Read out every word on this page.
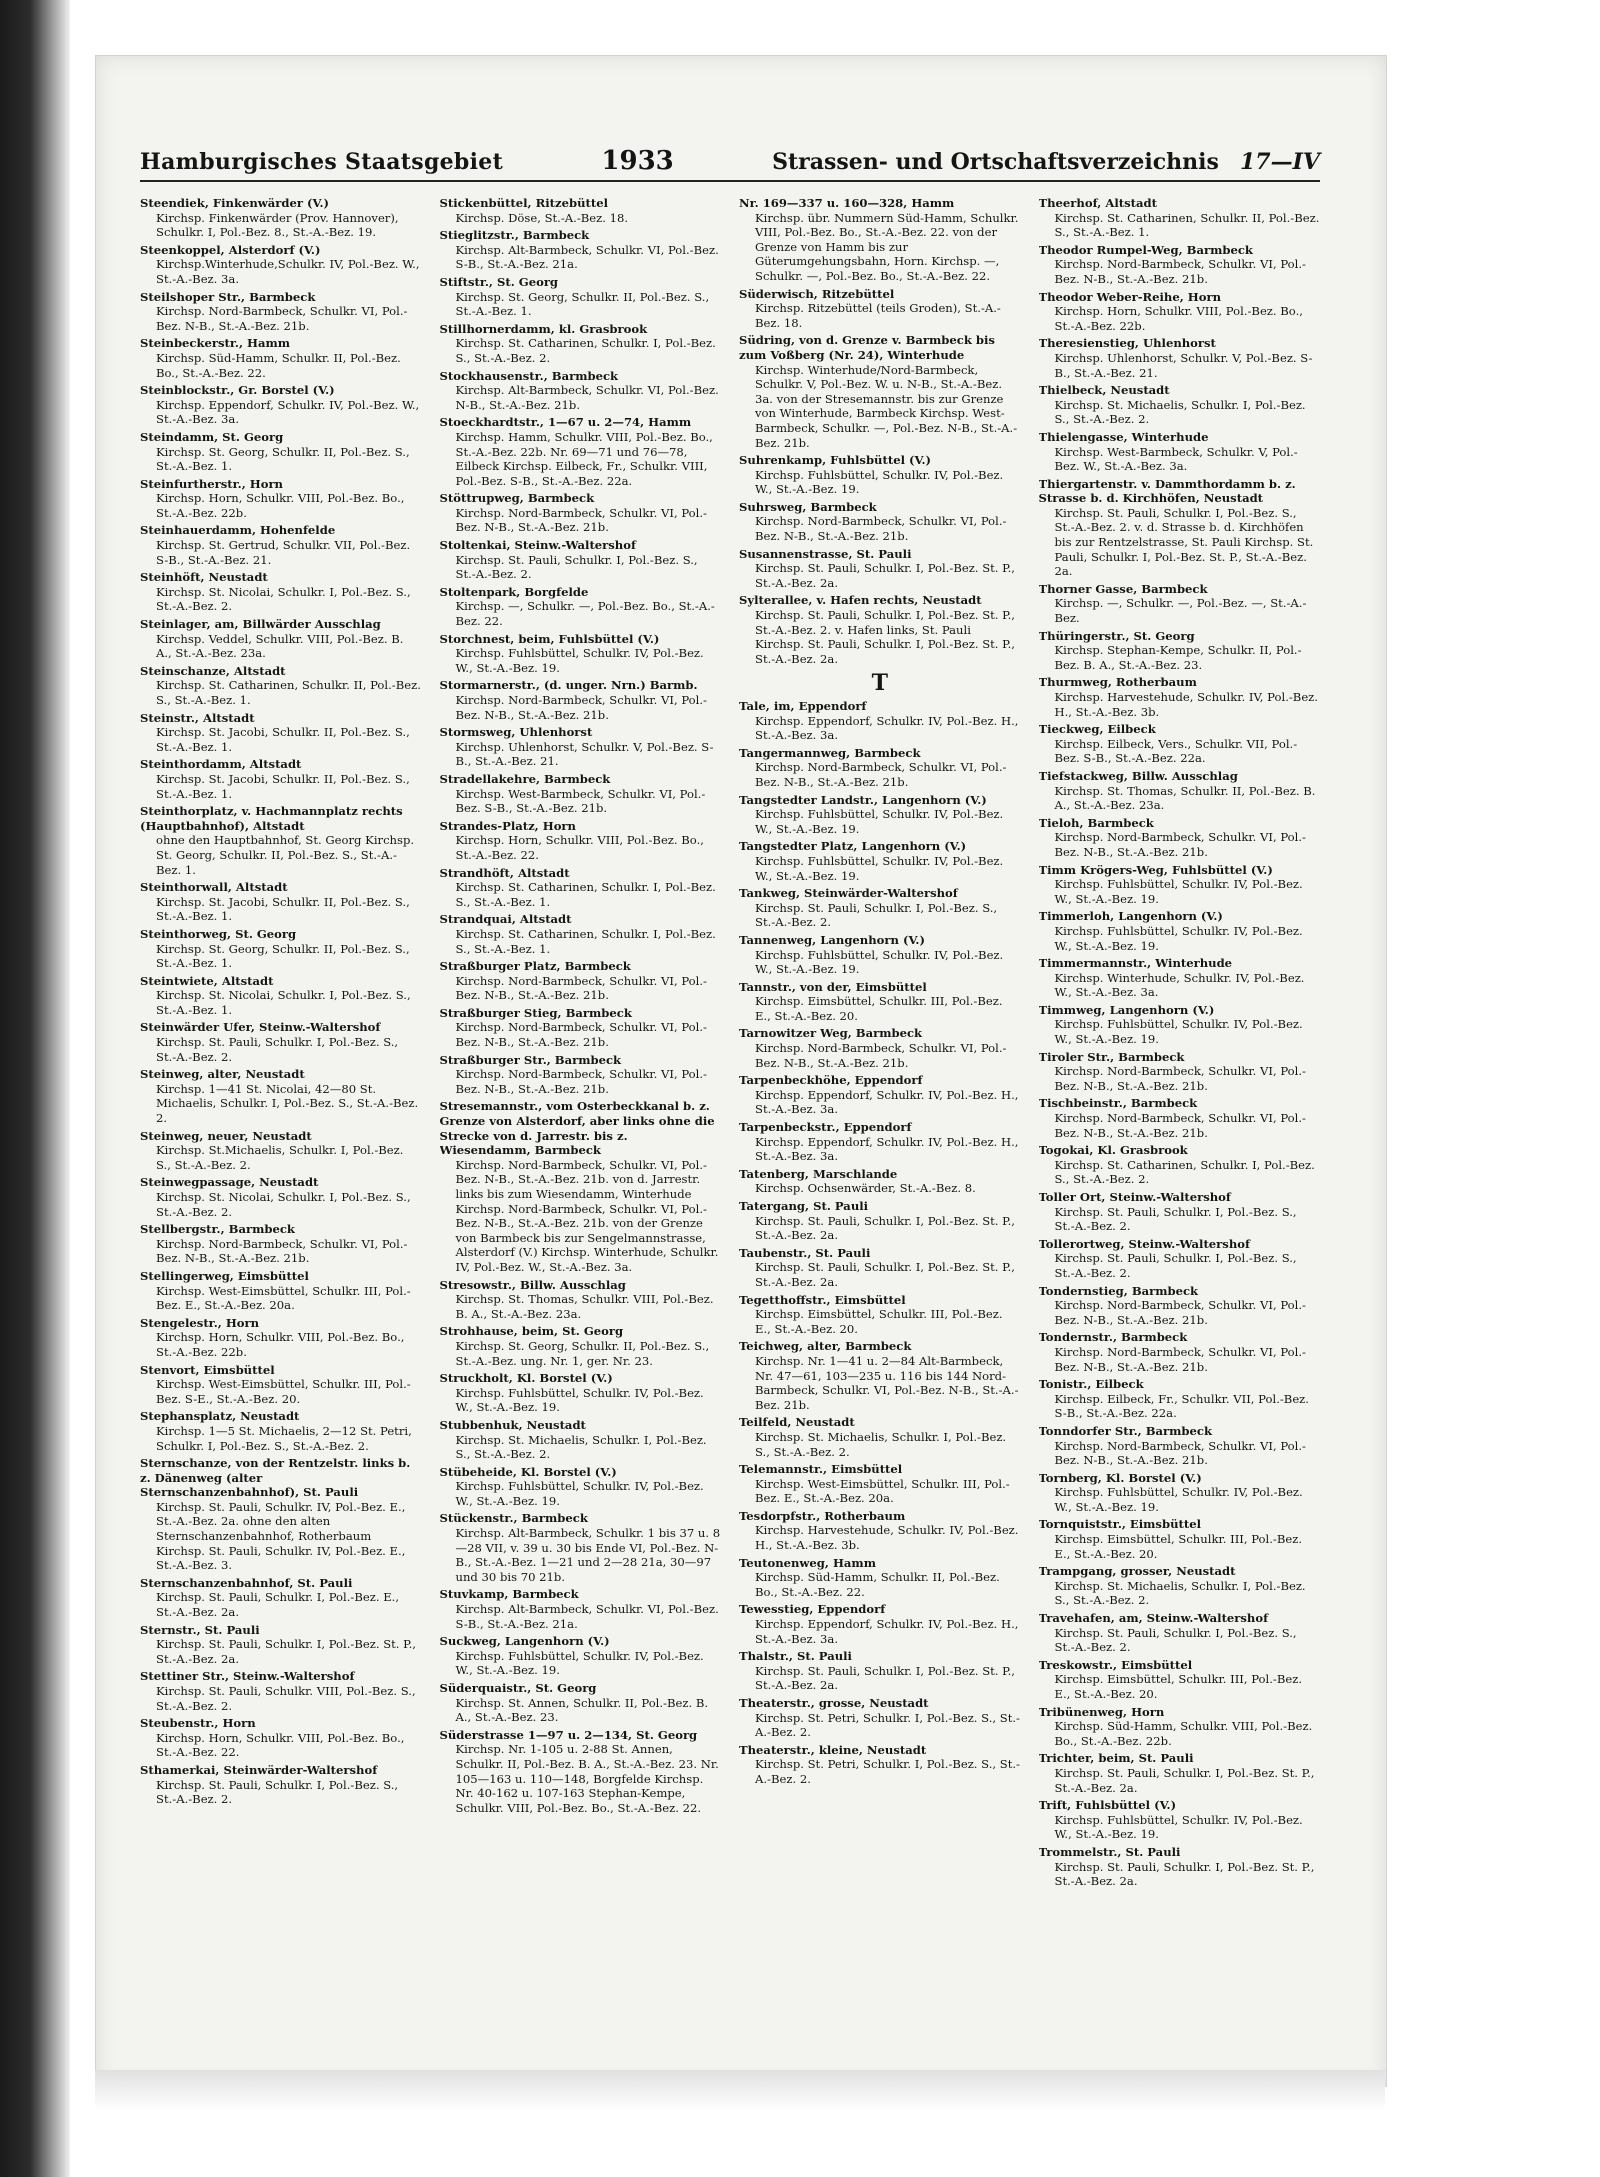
Hamburgisches Staatsgebiet	1933	Strassen- und Ortschaftsverzeichnis 17—IV
Steendiek, Finkenwärder (V.)
Kirchsp. Finkenwärder (Prov. Hannover), Schulkr. I, Pol.-Bez. 8., St.-A.-Bez. 19.
Steenkoppel, Alsterdorf (V.)
Kirchsp.Winterhude,Schulkr. IV, Pol.-Bez. W., St.-A.-Bez. 3a.
Steilshoper Str., Barmbeck
Kirchsp. Nord-Barmbeck, Schulkr. VI, Pol.-Bez. N-B., St.-A.-Bez. 21b.
Steinbeckerstr., Hamm
Kirchsp. Süd-Hamm, Schulkr. II, Pol.-Bez. Bo., St.-A.-Bez. 22.
Steinblockstr., Gr. Borstel (V.)
Kirchsp. Eppendorf, Schulkr. IV, Pol.-Bez. W., St.-A.-Bez. 3a.
Steindamm, St. Georg
Kirchsp. St. Georg, Schulkr. II, Pol.-Bez. S., St.-A.-Bez. 1.
Steinfurtherstr., Horn
Kirchsp. Horn, Schulkr. VIII, Pol.-Bez. Bo., St.-A.-Bez. 22b.
Steinhauerdamm, Hohenfelde
Kirchsp. St. Gertrud, Schulkr. VII, Pol.-Bez. S-B., St.-A.-Bez. 21.
Steinhöft, Neustadt
Kirchsp. St. Nicolai, Schulkr. I, Pol.-Bez. S., St.-A.-Bez. 2.
Steinlager, am, Billwärder Ausschlag
Kirchsp. Veddel, Schulkr. VIII, Pol.-Bez. B. A., St.-A.-Bez. 23a.
Steinschanze, Altstadt
Kirchsp. St. Catharinen, Schulkr. II, Pol.-Bez. S., St.-A.-Bez. 1.
Steinstr., Altstadt
Kirchsp. St. Jacobi, Schulkr. II, Pol.-Bez. S., St.-A.-Bez. 1.
Steinthordamm, Altstadt
Kirchsp. St. Jacobi, Schulkr. II, Pol.-Bez. S., St.-A.-Bez. 1.
Steinthorplatz, v. Hachmannplatz rechts (Hauptbahnhof), Altstadt
ohne den Hauptbahnhof, St. Georg Kirchsp. St. Georg, Schulkr. II, Pol.-Bez. S., St.-A.-Bez. 1.
Steinthorwall, Altstadt
Kirchsp. St. Jacobi, Schulkr. II, Pol.-Bez. S., St.-A.-Bez. 1.
Steinthorweg, St. Georg
Kirchsp. St. Georg, Schulkr. II, Pol.-Bez. S., St.-A.-Bez. 1.
Steintwiete, Altstadt
Kirchsp. St. Nicolai, Schulkr. I, Pol.-Bez. S., St.-A.-Bez. 1.
Steinwärder Ufer, Steinw.-Waltershof
Kirchsp. St. Pauli, Schulkr. I, Pol.-Bez. S., St.-A.-Bez. 2.
Steinweg, alter, Neustadt
Kirchsp. 1—41 St. Nicolai, 42—80 St. Michaelis, Schulkr. I, Pol.-Bez. S., St.-A.-Bez. 2.
Steinweg, neuer, Neustadt
Kirchsp. St.Michaelis, Schulkr. I, Pol.-Bez. S., St.-A.-Bez. 2.
Steinwegpassage, Neustadt
Kirchsp. St. Nicolai, Schulkr. I, Pol.-Bez. S., St.-A.-Bez. 2.
Stellbergstr., Barmbeck
Kirchsp. Nord-Barmbeck, Schulkr. VI, Pol.-Bez. N-B., St.-A.-Bez. 21b.
Stellingerweg, Eimsbüttel
Kirchsp. West-Eimsbüttel, Schulkr. III, Pol.-Bez. E., St.-A.-Bez. 20a.
Stengelestr., Horn
Kirchsp. Horn, Schulkr. VIII, Pol.-Bez. Bo., St.-A.-Bez. 22b.
Stenvort, Eimsbüttel
Kirchsp. West-Eimsbüttel, Schulkr. III, Pol.-Bez. S-E., St.-A.-Bez. 20.
Stephansplatz, Neustadt
Kirchsp. 1—5 St. Michaelis, 2—12 St. Petri, Schulkr. I, Pol.-Bez. S., St.-A.-Bez. 2.
Sternschanze, von der Rentzelstr. links b. z. Dänenweg (alter Sternschanzenbahnhof), St. Pauli
Kirchsp. St. Pauli, Schulkr. IV, Pol.-Bez. E., St.-A.-Bez. 2a. ohne den alten Sternschanzenbahnhof, Rotherbaum Kirchsp. St. Pauli, Schulkr. IV, Pol.-Bez. E., St.-A.-Bez. 3.
Sternschanzenbahnhof, St. Pauli
Kirchsp. St. Pauli, Schulkr. I, Pol.-Bez. E., St.-A.-Bez. 2a.
Sternstr., St. Pauli
Kirchsp. St. Pauli, Schulkr. I, Pol.-Bez. St. P., St.-A.-Bez. 2a.
Stettiner Str., Steinw.-Waltershof
Kirchsp. St. Pauli, Schulkr. VIII, Pol.-Bez. S., St.-A.-Bez. 2.
Steubenstr., Horn
Kirchsp. Horn, Schulkr. VIII, Pol.-Bez. Bo., St.-A.-Bez. 22.
Sthamerkai, Steinwärder-Waltershof
Kirchsp. St. Pauli, Schulkr. I, Pol.-Bez. S., St.-A.-Bez. 2.
Stickenbüttel, Ritzebüttel
Kirchsp. Döse, St.-A.-Bez. 18.
Stieglitzstr., Barmbeck
Kirchsp. Alt-Barmbeck, Schulkr. VI, Pol.-Bez. S-B., St.-A.-Bez. 21a.
Stiftstr., St. Georg
Kirchsp. St. Georg, Schulkr. II, Pol.-Bez. S., St.-A.-Bez. 1.
Stillhornerdamm, kl. Grasbrook
Kirchsp. St. Catharinen, Schulkr. I, Pol.-Bez. S., St.-A.-Bez. 2.
Stockhausenstr., Barmbeck
Kirchsp. Alt-Barmbeck, Schulkr. VI, Pol.-Bez. N-B., St.-A.-Bez. 21b.
Stoeckhardtstr., 1—67 u. 2—74, Hamm
Kirchsp. Hamm, Schulkr. VIII, Pol.-Bez. Bo., St.-A.-Bez. 22b. Nr. 69—71 und 76—78, Eilbeck Kirchsp. Eilbeck, Fr., Schulkr. VIII, Pol.-Bez. S-B., St.-A.-Bez. 22a.
Stöttrupweg, Barmbeck
Kirchsp. Nord-Barmbeck, Schulkr. VI, Pol.-Bez. N-B., St.-A.-Bez. 21b.
Stoltenkai, Steinw.-Waltershof
Kirchsp. St. Pauli, Schulkr. I, Pol.-Bez. S., St.-A.-Bez. 2.
Stoltenpark, Borgfelde
Kirchsp. —, Schulkr. —, Pol.-Bez. Bo., St.-A.-Bez. 22.
Storchnest, beim, Fuhlsbüttel (V.)
Kirchsp. Fuhlsbüttel, Schulkr. IV, Pol.-Bez. W., St.-A.-Bez. 19.
Stormarnerstr., (d. unger. Nrn.) Barmb.
Kirchsp. Nord-Barmbeck, Schulkr. VI, Pol.-Bez. N-B., St.-A.-Bez. 21b.
Stormsweg, Uhlenhorst
Kirchsp. Uhlenhorst, Schulkr. V, Pol.-Bez. S-B., St.-A.-Bez. 21.
Stradellakehre, Barmbeck
Kirchsp. West-Barmbeck, Schulkr. VI, Pol.-Bez. S-B., St.-A.-Bez. 21b.
Strandes-Platz, Horn
Kirchsp. Horn, Schulkr. VIII, Pol.-Bez. Bo., St.-A.-Bez. 22.
Strandhöft, Altstadt
Kirchsp. St. Catharinen, Schulkr. I, Pol.-Bez. S., St.-A.-Bez. 1.
Strandquai, Altstadt
Kirchsp. St. Catharinen, Schulkr. I, Pol.-Bez. S., St.-A.-Bez. 1.
Straßburger Platz, Barmbeck
Kirchsp. Nord-Barmbeck, Schulkr. VI, Pol.-Bez. N-B., St.-A.-Bez. 21b.
Straßburger Stieg, Barmbeck
Kirchsp. Nord-Barmbeck, Schulkr. VI, Pol.-Bez. N-B., St.-A.-Bez. 21b.
Straßburger Str., Barmbeck
Kirchsp. Nord-Barmbeck, Schulkr. VI, Pol.-Bez. N-B., St.-A.-Bez. 21b.
Stresemannstr., vom Osterbeckkanal b. z. Grenze von Alsterdorf, aber links ohne die Strecke von d. Jarrestr. bis z. Wiesendamm, Barmbeck
Kirchsp. Nord-Barmbeck, Schulkr. VI, Pol.-Bez. N-B., St.-A.-Bez. 21b. von d. Jarrestr. links bis zum Wiesendamm, Winterhude Kirchsp. Nord-Barmbeck, Schulkr. VI, Pol.-Bez. N-B., St.-A.-Bez. 21b. von der Grenze von Barmbeck bis zur Sengelmannstrasse, Alsterdorf (V.) Kirchsp. Winterhude, Schulkr. IV, Pol.-Bez. W., St.-A.-Bez. 3a.
Stresowstr., Billw. Ausschlag
Kirchsp. St. Thomas, Schulkr. VIII, Pol.-Bez. B. A., St.-A.-Bez. 23a.
Strohhause, beim, St. Georg
Kirchsp. St. Georg, Schulkr. II, Pol.-Bez. S., St.-A.-Bez. ung. Nr. 1, ger. Nr. 23.
Struckholt, Kl. Borstel (V.)
Kirchsp. Fuhlsbüttel, Schulkr. IV, Pol.-Bez. W., St.-A.-Bez. 19.
Stubbenhuk, Neustadt
Kirchsp. St. Michaelis, Schulkr. I, Pol.-Bez. S., St.-A.-Bez. 2.
Stübeheide, Kl. Borstel (V.)
Kirchsp. Fuhlsbüttel, Schulkr. IV, Pol.-Bez. W., St.-A.-Bez. 19.
Stückenstr., Barmbeck
Kirchsp. Alt-Barmbeck, Schulkr. 1 bis 37 u. 8—28 VII, v. 39 u. 30 bis Ende VI, Pol.-Bez. N-B., St.-A.-Bez. 1—21 und 2—28 21a, 30—97 und 30 bis 70 21b.
Stuvkamp, Barmbeck
Kirchsp. Alt-Barmbeck, Schulkr. VI, Pol.-Bez. S-B., St.-A.-Bez. 21a.
Suckweg, Langenhorn (V.)
Kirchsp. Fuhlsbüttel, Schulkr. IV, Pol.-Bez. W., St.-A.-Bez. 19.
Süderquaistr., St. Georg
Kirchsp. St. Annen, Schulkr. II, Pol.-Bez. B. A., St.-A.-Bez. 23.
Süderstrasse 1—97 u. 2—134, St. Georg
Kirchsp. Nr. 1-105 u. 2-88 St. Annen, Schulkr. II, Pol.-Bez. B. A., St.-A.-Bez. 23. Nr. 105—163 u. 110—148, Borgfelde Kirchsp. Nr. 40-162 u. 107-163 Stephan-Kempe, Schulkr. VIII, Pol.-Bez. Bo., St.-A.-Bez. 22.
Nr. 169—337 u. 160—328, Hamm
Kirchsp. übr. Nummern Süd-Hamm, Schulkr. VIII, Pol.-Bez. Bo., St.-A.-Bez. 22. von der Grenze von Hamm bis zur Güterumgehungsbahn, Horn. Kirchsp. —, Schulkr. —, Pol.-Bez. Bo., St.-A.-Bez. 22.
Süderwisch, Ritzebüttel
Kirchsp. Ritzebüttel (teils Groden), St.-A.-Bez. 18.
Südring, von d. Grenze v. Barmbeck bis zum Voßberg (Nr. 24), Winterhude
Kirchsp. Winterhude/Nord-Barmbeck, Schulkr. V, Pol.-Bez. W. u. N-B., St.-A.-Bez. 3a. von der Stresemannstr. bis zur Grenze von Winterhude, Barmbeck Kirchsp. West-Barmbeck, Schulkr. —, Pol.-Bez. N-B., St.-A.-Bez. 21b.
Suhrenkamp, Fuhlsbüttel (V.)
Kirchsp. Fuhlsbüttel, Schulkr. IV, Pol.-Bez. W., St.-A.-Bez. 19.
Suhrsweg, Barmbeck
Kirchsp. Nord-Barmbeck, Schulkr. VI, Pol.-Bez. N-B., St.-A.-Bez. 21b.
Susannenstrasse, St. Pauli
Kirchsp. St. Pauli, Schulkr. I, Pol.-Bez. St. P., St.-A.-Bez. 2a.
Sylterallee, v. Hafen rechts, Neustadt
Kirchsp. St. Pauli, Schulkr. I, Pol.-Bez. St. P., St.-A.-Bez. 2. v. Hafen links, St. Pauli Kirchsp. St. Pauli, Schulkr. I, Pol.-Bez. St. P., St.-A.-Bez. 2a.
T
Tale, im, Eppendorf
Kirchsp. Eppendorf, Schulkr. IV, Pol.-Bez. H., St.-A.-Bez. 3a.
Tangermannweg, Barmbeck
Kirchsp. Nord-Barmbeck, Schulkr. VI, Pol.-Bez. N-B., St.-A.-Bez. 21b.
Tangstedter Landstr., Langenhorn (V.)
Kirchsp. Fuhlsbüttel, Schulkr. IV, Pol.-Bez. W., St.-A.-Bez. 19.
Tangstedter Platz, Langenhorn (V.)
Kirchsp. Fuhlsbüttel, Schulkr. IV, Pol.-Bez. W., St.-A.-Bez. 19.
Tankweg, Steinwärder-Waltershof
Kirchsp. St. Pauli, Schulkr. I, Pol.-Bez. S., St.-A.-Bez. 2.
Tannenweg, Langenhorn (V.)
Kirchsp. Fuhlsbüttel, Schulkr. IV, Pol.-Bez. W., St.-A.-Bez. 19.
Tannstr., von der, Eimsbüttel
Kirchsp. Eimsbüttel, Schulkr. III, Pol.-Bez. E., St.-A.-Bez. 20.
Tarnowitzer Weg, Barmbeck
Kirchsp. Nord-Barmbeck, Schulkr. VI, Pol.-Bez. N-B., St.-A.-Bez. 21b.
Tarpenbeckhöhe, Eppendorf
Kirchsp. Eppendorf, Schulkr. IV, Pol.-Bez. H., St.-A.-Bez. 3a.
Tarpenbeckstr., Eppendorf
Kirchsp. Eppendorf, Schulkr. IV, Pol.-Bez. H., St.-A.-Bez. 3a.
Tatenberg, Marschlande
Kirchsp. Ochsenwärder, St.-A.-Bez. 8.
Tatergang, St. Pauli
Kirchsp. St. Pauli, Schulkr. I, Pol.-Bez. St. P., St.-A.-Bez. 2a.
Taubenstr., St. Pauli
Kirchsp. St. Pauli, Schulkr. I, Pol.-Bez. St. P., St.-A.-Bez. 2a.
Tegetthoffstr., Eimsbüttel
Kirchsp. Eimsbüttel, Schulkr. III, Pol.-Bez. E., St.-A.-Bez. 20.
Teichweg, alter, Barmbeck
Kirchsp. Nr. 1—41 u. 2—84 Alt-Barmbeck, Nr. 47—61, 103—235 u. 116 bis 144 Nord-Barmbeck, Schulkr. VI, Pol.-Bez. N-B., St.-A.-Bez. 21b.
Teilfeld, Neustadt
Kirchsp. St. Michaelis, Schulkr. I, Pol.-Bez. S., St.-A.-Bez. 2.
Telemannstr., Eimsbüttel
Kirchsp. West-Eimsbüttel, Schulkr. III, Pol.-Bez. E., St.-A.-Bez. 20a.
Tesdorpfstr., Rotherbaum
Kirchsp. Harvestehude, Schulkr. IV, Pol.-Bez. H., St.-A.-Bez. 3b.
Teutonenweg, Hamm
Kirchsp. Süd-Hamm, Schulkr. II, Pol.-Bez. Bo., St.-A.-Bez. 22.
Tewesstieg, Eppendorf
Kirchsp. Eppendorf, Schulkr. IV, Pol.-Bez. H., St.-A.-Bez. 3a.
Thalstr., St. Pauli
Kirchsp. St. Pauli, Schulkr. I, Pol.-Bez. St. P., St.-A.-Bez. 2a.
Theaterstr., grosse, Neustadt
Kirchsp. St. Petri, Schulkr. I, Pol.-Bez. S., St.-A.-Bez. 2.
Theaterstr., kleine, Neustadt
Kirchsp. St. Petri, Schulkr. I, Pol.-Bez. S., St.-A.-Bez. 2.
Theerhof, Altstadt
Kirchsp. St. Catharinen, Schulkr. II, Pol.-Bez. S., St.-A.-Bez. 1.
Theodor Rumpel-Weg, Barmbeck
Kirchsp. Nord-Barmbeck, Schulkr. VI, Pol.-Bez. N-B., St.-A.-Bez. 21b.
Theodor Weber-Reihe, Horn
Kirchsp. Horn, Schulkr. VIII, Pol.-Bez. Bo., St.-A.-Bez. 22b.
Theresienstieg, Uhlenhorst
Kirchsp. Uhlenhorst, Schulkr. V, Pol.-Bez. S-B., St.-A.-Bez. 21.
Thielbeck, Neustadt
Kirchsp. St. Michaelis, Schulkr. I, Pol.-Bez. S., St.-A.-Bez. 2.
Thielengasse, Winterhude
Kirchsp. West-Barmbeck, Schulkr. V, Pol.-Bez. W., St.-A.-Bez. 3a.
Thiergartenstr. v. Dammthordamm b. z. Strasse b. d. Kirchhöfen, Neustadt
Kirchsp. St. Pauli, Schulkr. I, Pol.-Bez. S., St.-A.-Bez. 2. v. d. Strasse b. d. Kirchhöfen bis zur Rentzelstrasse, St. Pauli Kirchsp. St. Pauli, Schulkr. I, Pol.-Bez. St. P., St.-A.-Bez. 2a.
Thorner Gasse, Barmbeck
Kirchsp. —, Schulkr. —, Pol.-Bez. —, St.-A.-Bez.
Thüringerstr., St. Georg
Kirchsp. Stephan-Kempe, Schulkr. II, Pol.-Bez. B. A., St.-A.-Bez. 23.
Thurmweg, Rotherbaum
Kirchsp. Harvestehude, Schulkr. IV, Pol.-Bez. H., St.-A.-Bez. 3b.
Tieckweg, Eilbeck
Kirchsp. Eilbeck, Vers., Schulkr. VII, Pol.-Bez. S-B., St.-A.-Bez. 22a.
Tiefstackweg, Billw. Ausschlag
Kirchsp. St. Thomas, Schulkr. II, Pol.-Bez. B. A., St.-A.-Bez. 23a.
Tieloh, Barmbeck
Kirchsp. Nord-Barmbeck, Schulkr. VI, Pol.-Bez. N-B., St.-A.-Bez. 21b.
Timm Krögers-Weg, Fuhlsbüttel (V.)
Kirchsp. Fuhlsbüttel, Schulkr. IV, Pol.-Bez. W., St.-A.-Bez. 19.
Timmerloh, Langenhorn (V.)
Kirchsp. Fuhlsbüttel, Schulkr. IV, Pol.-Bez. W., St.-A.-Bez. 19.
Timmermannstr., Winterhude
Kirchsp. Winterhude, Schulkr. IV, Pol.-Bez. W., St.-A.-Bez. 3a.
Timmweg, Langenhorn (V.)
Kirchsp. Fuhlsbüttel, Schulkr. IV, Pol.-Bez. W., St.-A.-Bez. 19.
Tiroler Str., Barmbeck
Kirchsp. Nord-Barmbeck, Schulkr. VI, Pol.-Bez. N-B., St.-A.-Bez. 21b.
Tischbeinstr., Barmbeck
Kirchsp. Nord-Barmbeck, Schulkr. VI, Pol.-Bez. N-B., St.-A.-Bez. 21b.
Togokai, Kl. Grasbrook
Kirchsp. St. Catharinen, Schulkr. I, Pol.-Bez. S., St.-A.-Bez. 2.
Toller Ort, Steinw.-Waltershof
Kirchsp. St. Pauli, Schulkr. I, Pol.-Bez. S., St.-A.-Bez. 2.
Tollerortweg, Steinw.-Waltershof
Kirchsp. St. Pauli, Schulkr. I, Pol.-Bez. S., St.-A.-Bez. 2.
Tondernstieg, Barmbeck
Kirchsp. Nord-Barmbeck, Schulkr. VI, Pol.-Bez. N-B., St.-A.-Bez. 21b.
Tondernstr., Barmbeck
Kirchsp. Nord-Barmbeck, Schulkr. VI, Pol.-Bez. N-B., St.-A.-Bez. 21b.
Tonistr., Eilbeck
Kirchsp. Eilbeck, Fr., Schulkr. VII, Pol.-Bez. S-B., St.-A.-Bez. 22a.
Tonndorfer Str., Barmbeck
Kirchsp. Nord-Barmbeck, Schulkr. VI, Pol.-Bez. N-B., St.-A.-Bez. 21b.
Tornberg, Kl. Borstel (V.)
Kirchsp. Fuhlsbüttel, Schulkr. IV, Pol.-Bez. W., St.-A.-Bez. 19.
Tornquiststr., Eimsbüttel
Kirchsp. Eimsbüttel, Schulkr. III, Pol.-Bez. E., St.-A.-Bez. 20.
Trampgang, grosser, Neustadt
Kirchsp. St. Michaelis, Schulkr. I, Pol.-Bez. S., St.-A.-Bez. 2.
Travehafen, am, Steinw.-Waltershof
Kirchsp. St. Pauli, Schulkr. I, Pol.-Bez. S., St.-A.-Bez. 2.
Treskowstr., Eimsbüttel
Kirchsp. Eimsbüttel, Schulkr. III, Pol.-Bez. E., St.-A.-Bez. 20.
Tribünenweg, Horn
Kirchsp. Süd-Hamm, Schulkr. VIII, Pol.-Bez. Bo., St.-A.-Bez. 22b.
Trichter, beim, St. Pauli
Kirchsp. St. Pauli, Schulkr. I, Pol.-Bez. St. P., St.-A.-Bez. 2a.
Trift, Fuhlsbüttel (V.)
Kirchsp. Fuhlsbüttel, Schulkr. IV, Pol.-Bez. W., St.-A.-Bez. 19.
Trommelstr., St. Pauli
Kirchsp. St. Pauli, Schulkr. I, Pol.-Bez. St. P., St.-A.-Bez. 2a.
